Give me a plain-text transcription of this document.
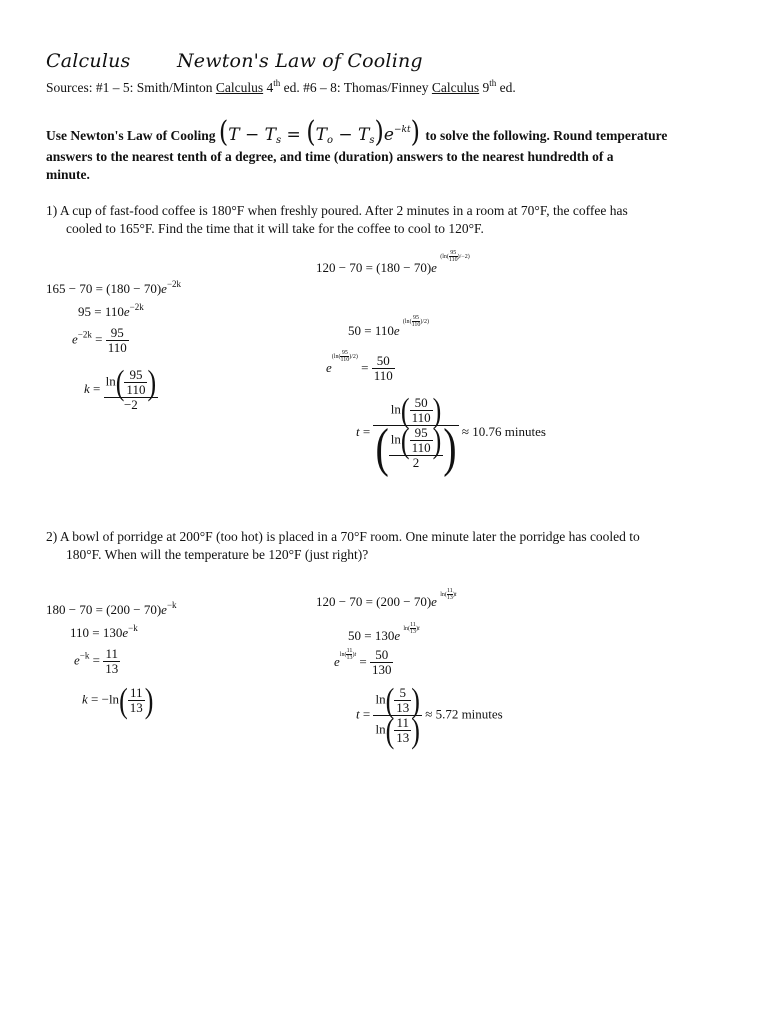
Calculus Newton's Law of Cooling
Sources: #1 – 5: Smith/Minton Calculus 4th ed. #6 – 8: Thomas/Finney Calculus 9th ed.
Use Newton's Law of Cooling $(T - T_s = (T_o - T_s)e^{-kt})$ to solve the following. Round temperature
answers to the nearest tenth of a degree, and time (duration) answers to the nearest hundredth of a
minute.
1) A cup of fast-food coffee is 180°F when freshly poured. After 2 minutes in a room at 70°F, the coffee has
cooled to 165°F. Find the time that it will take for the coffee to cool to 120°F.
$165 - 70 = (180 - 70)e^{-2k}$
$95 = 110e^{-2k}$
$e^{-2k} = \frac{95}{110}$
$k = \frac{\ln( \frac{95}{110} )}{-2}$
120 − 70 = (180 − 70)e $(\ln( \frac{95}{110} )/-2)$
50 = 110e $(\ln( \frac{95}{110} )/2)$
$e(\ln( \frac{95}{110} )/2) = \frac{50}{110}$
$t = \frac{\ln( \frac{50}{110} )}{( \frac{\ln( \frac{95}{110} )}{2} )} \approx 10.76$ minutes
2) A bowl of porridge at 200°F (too hot) is placed in a 70°F room. One minute later the porridge has cooled to
180°F. When will the temperature be 120°F (just right)?
$180 - 70 = (200 - 70)e^{-k}$
$110 = 130e^{-k}$
$e^{-k} = \frac{11}{13}$
$k = -\ln( \frac{11}{13}$ )
120 − 70 = (200 − 70)e $\ln( \frac{11}{13} )t$
50 = 130e $\ln( \frac{11}{13} )t$
$eln( \frac{11}{13} )t = \frac{50}{130}$
$t = \frac{\ln( \frac{5}{13} )}{\ln( \frac{11}{13} )} \approx 5.72$ minutes
